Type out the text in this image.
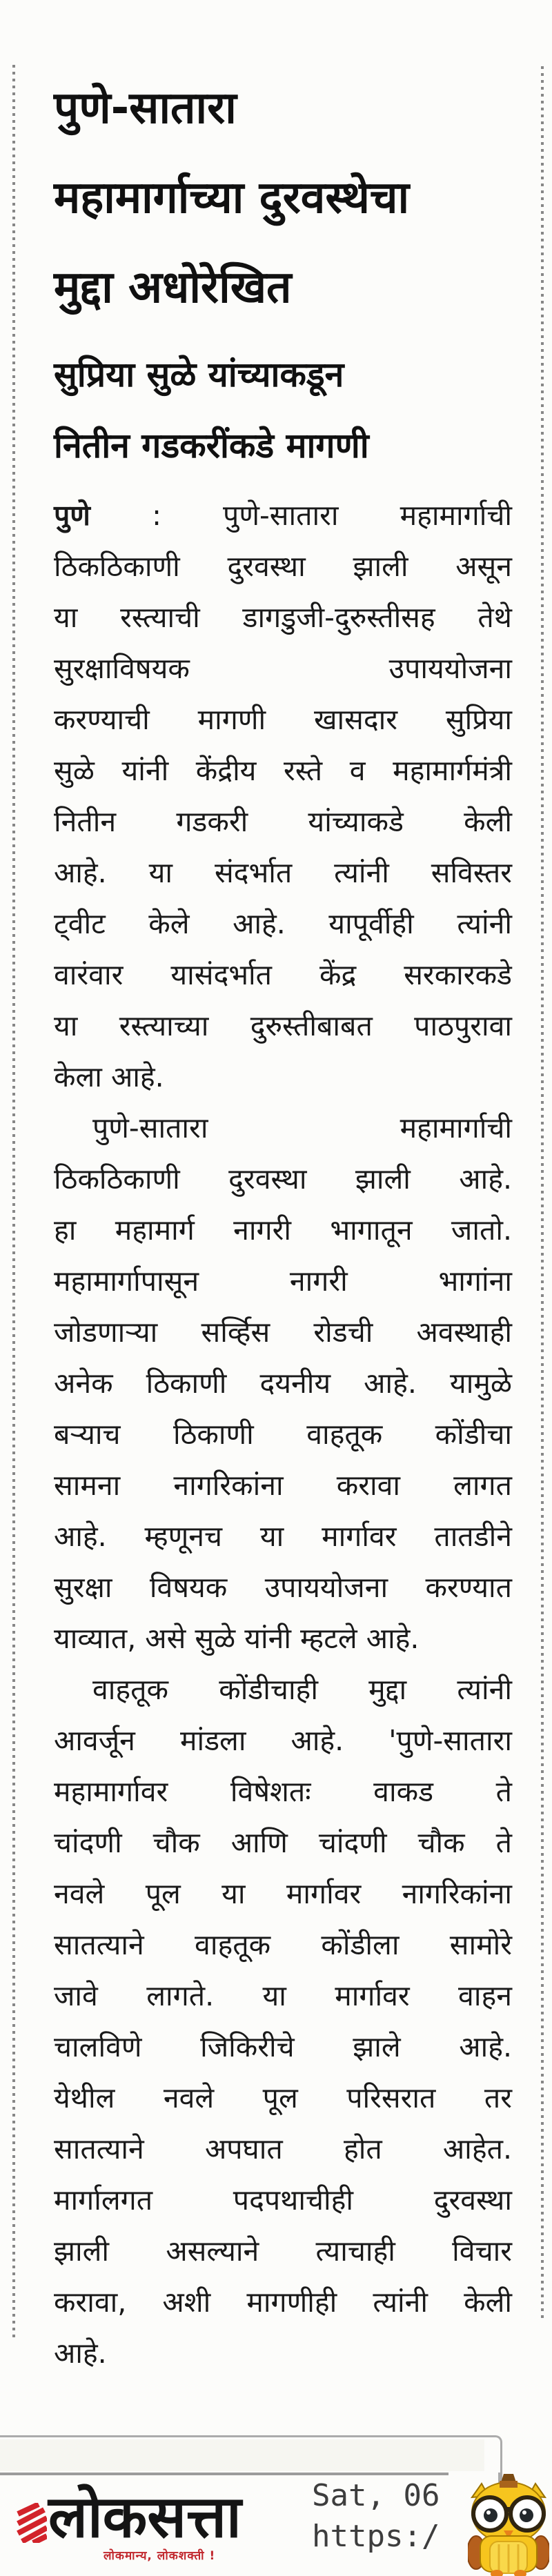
पुणे-सातारा
महामार्गाच्या दुरवस्थेचा
मुद्दा अधोरेखित
सुप्रिया सुळे यांच्याकडून
नितीन गडकरींकडे मागणी
पुणे : पुणे-सातारा महामार्गाची
ठिकठिकाणी दुरवस्था झाली असून
या रस्त्याची डागडुजी-दुरुस्तीसह तेथे
सुरक्षाविषयक उपाययोजना
करण्याची मागणी खासदार सुप्रिया
सुळे यांनी केंद्रीय रस्ते व महामार्गमंत्री
नितीन गडकरी यांच्याकडे केली
आहे. या संदर्भात त्यांनी सविस्तर
ट्वीट केले आहे. यापूर्वीही त्यांनी
वारंवार यासंदर्भात केंद्र सरकारकडे
या रस्त्याच्या दुरुस्तीबाबत पाठपुरावा
केला आहे.
पुणे-सातारा महामार्गाची
ठिकठिकाणी दुरवस्था झाली आहे.
हा महामार्ग नागरी भागातून जातो.
महामार्गापासून नागरी भागांना
जोडणाऱ्या सर्व्हिस रोडची अवस्थाही
अनेक ठिकाणी दयनीय आहे. यामुळे
बऱ्याच ठिकाणी वाहतूक कोंडीचा
सामना नागरिकांना करावा लागत
आहे. म्हणूनच या मार्गावर तातडीने
सुरक्षा विषयक उपाययोजना करण्यात
याव्यात, असे सुळे यांनी म्हटले आहे.
वाहतूक कोंडीचाही मुद्दा त्यांनी
आवर्जून मांडला आहे. 'पुणे-सातारा
महामार्गावर विषेशतः वाकड ते
चांदणी चौक आणि चांदणी चौक ते
नवले पूल या मार्गावर नागरिकांना
सातत्याने वाहतूक कोंडीला सामोरे
जावे लागते. या मार्गावर वाहन
चालविणे जिकिरीचे झाले आहे.
येथील नवले पूल परिसरात तर
सातत्याने अपघात होत आहेत.
मार्गालगत पदपथाचीही दुरवस्था
झाली असल्याने त्याचाही विचार
करावा, अशी मागणीही त्यांनी केली
आहे.
लोकसत्ता
लोकमान्य, लोकशक्ती !
Sat, 06
https:/
